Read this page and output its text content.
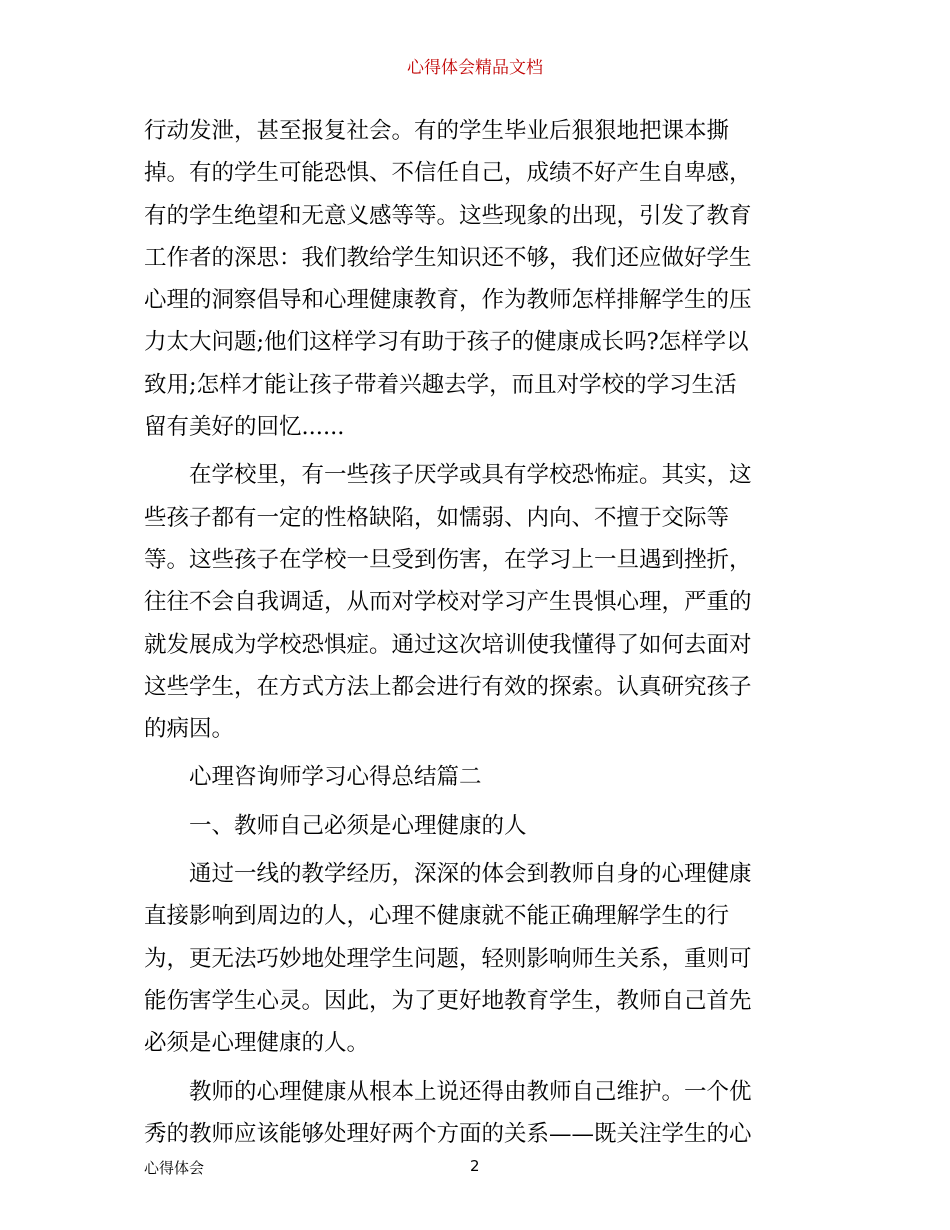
心得体会精品文档
行动发泄，甚至报复社会。有的学生毕业后狠狠地把课本撕
掉。有的学生可能恐惧、不信任自己，成绩不好产生自卑感，
有的学生绝望和无意义感等等。这些现象的出现，引发了教育
工作者的深思：我们教给学生知识还不够，我们还应做好学生
心理的洞察倡导和心理健康教育，作为教师怎样排解学生的压
力太大问题;他们这样学习有助于孩子的健康成长吗?怎样学以
致用;怎样才能让孩子带着兴趣去学，而且对学校的学习生活
留有美好的回忆......
在学校里，有一些孩子厌学或具有学校恐怖症。其实，这
些孩子都有一定的性格缺陷，如懦弱、内向、不擅于交际等
等。这些孩子在学校一旦受到伤害，在学习上一旦遇到挫折，
往往不会自我调适，从而对学校对学习产生畏惧心理，严重的
就发展成为学校恐惧症。通过这次培训使我懂得了如何去面对
这些学生，在方式方法上都会进行有效的探索。认真研究孩子
的病因。
心理咨询师学习心得总结篇二
一、教师自己必须是心理健康的人
通过一线的教学经历，深深的体会到教师自身的心理健康
直接影响到周边的人，心理不健康就不能正确理解学生的行
为，更无法巧妙地处理学生问题，轻则影响师生关系，重则可
能伤害学生心灵。因此，为了更好地教育学生，教师自己首先
必须是心理健康的人。
教师的心理健康从根本上说还得由教师自己维护。一个优
秀的教师应该能够处理好两个方面的关系——既关注学生的心
心得体会	2
